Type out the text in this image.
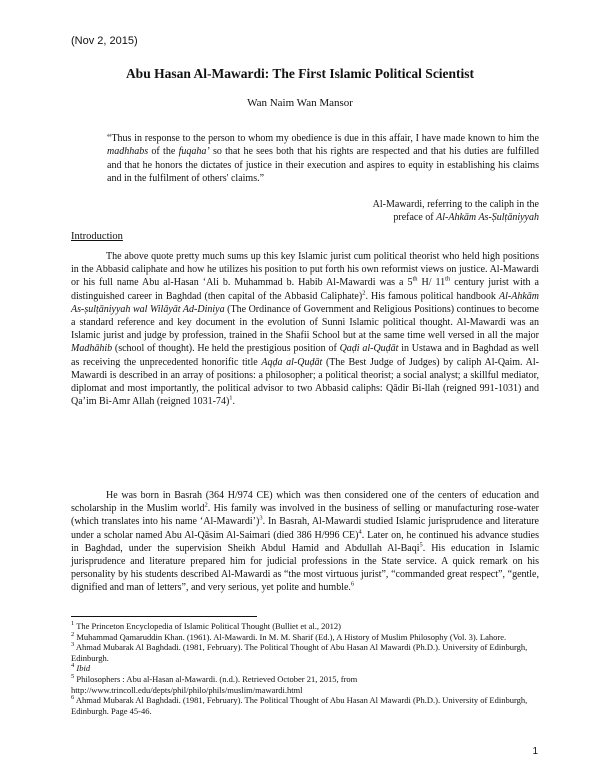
(Nov 2, 2015)
Abu Hasan Al-Mawardi: The First Islamic Political Scientist
Wan Naim Wan Mansor

“Thus in response to the person to whom my obedience is due in this affair, I have made known to him the madhhabs of the fuqaha’ so that he sees both that his rights are respected and that his duties are fulfilled and that he honors the dictates of justice in their execution and aspires to equity in establishing his claims and in the fulfilment of others' claims.”

Al-Mawardi, referring to the caliph in the
preface of Al-Ahkām As-Ṣulṭāniyyah
Introduction

The above quote pretty much sums up this key Islamic jurist cum political theorist who held high positions in the Abbasid caliphate and how he utilizes his position to put forth his own reformist views on justice. Al-Mawardi or his full name Abu al-Hasan ‘Ali b. Muhammad b. Habib Al-Mawardi was a 5th H/ 11th century jurist with a distinguished career in Baghdad (then capital of the Abbasid Caliphate)$^2$. His famous political handbook Al-Ahkām As-ṣulṭāniyyah wal Wilāyāt Ad-Diniya (The Ordinance of Government and Religious Positions) continues to become a standard reference and key document in the evolution of Sunni Islamic political thought. Al-Mawardi was an Islamic jurist and judge by profession, trained in the Shafii School but at the same time well versed in all the major Madhāhib (school of thought). He held the prestigious position of Qaḍi al-Quḍāt in Ustawa and in Baghdad as well as receiving the unprecedented honorific title Aqḍa al-Quḍāt (The Best Judge of Judges) by caliph Al-Qaim. Al-Mawardi is described in an array of positions: a philosopher; a political theorist; a social analyst; a skillful mediator, diplomat and most importantly, the political advisor to two Abbasid caliphs: Qādir Bi-llah (reigned 991-1031) and Qa’im Bi-Amr Allah (reigned 1031-74)$^1$.

He was born in Basrah (364 H/974 CE) which was then considered one of the centers of education and scholarship in the Muslim world$^2$. His family was involved in the business of selling or manufacturing rose-water (which translates into his name ‘Al-Mawardi’)$^3$. In Basrah, Al-Mawardi studied Islamic jurisprudence and literature under a scholar named Abu Al-Qāsim Al-Saimari (died 386 H/996 CE)$^4$. Later on, he continued his advance studies in Baghdad, under the supervision Sheikh Abdul Hamid and Abdullah Al-Baqi$^5$. His education in Islamic jurisprudence and literature prepared him for judicial professions in the State service. A quick remark on his personality by his students described Al-Mawardi as “the most virtuous jurist”, “commanded great respect”, “gentle, dignified and man of letters”, and very serious, yet polite and humble.$^6$

$^1$ The Princeton Encyclopedia of Islamic Political Thought (Bulliet et al., 2012)
$^2$ Muhammad Qamaruddin Khan. (1961). Al-Mawardi. In M. M. Sharif (Ed.), A History of Muslim Philosophy (Vol. 3). Lahore.
$^3$ Ahmad Mubarak Al Baghdadi. (1981, February). The Political Thought of Abu Hasan Al Mawardi (Ph.D.). University of Edinburgh, Edinburgh.
$^4$ Ibid
$^5$ Philosophers : Abu al-Hasan al-Mawardi. (n.d.). Retrieved October 21, 2015, from http://www.trincoll.edu/depts/phil/philo/phils/muslim/mawardi.html
$^6$ Ahmad Mubarak Al Baghdadi. (1981, February). The Political Thought of Abu Hasan Al Mawardi (Ph.D.). University of Edinburgh, Edinburgh. Page 45-46.
1
